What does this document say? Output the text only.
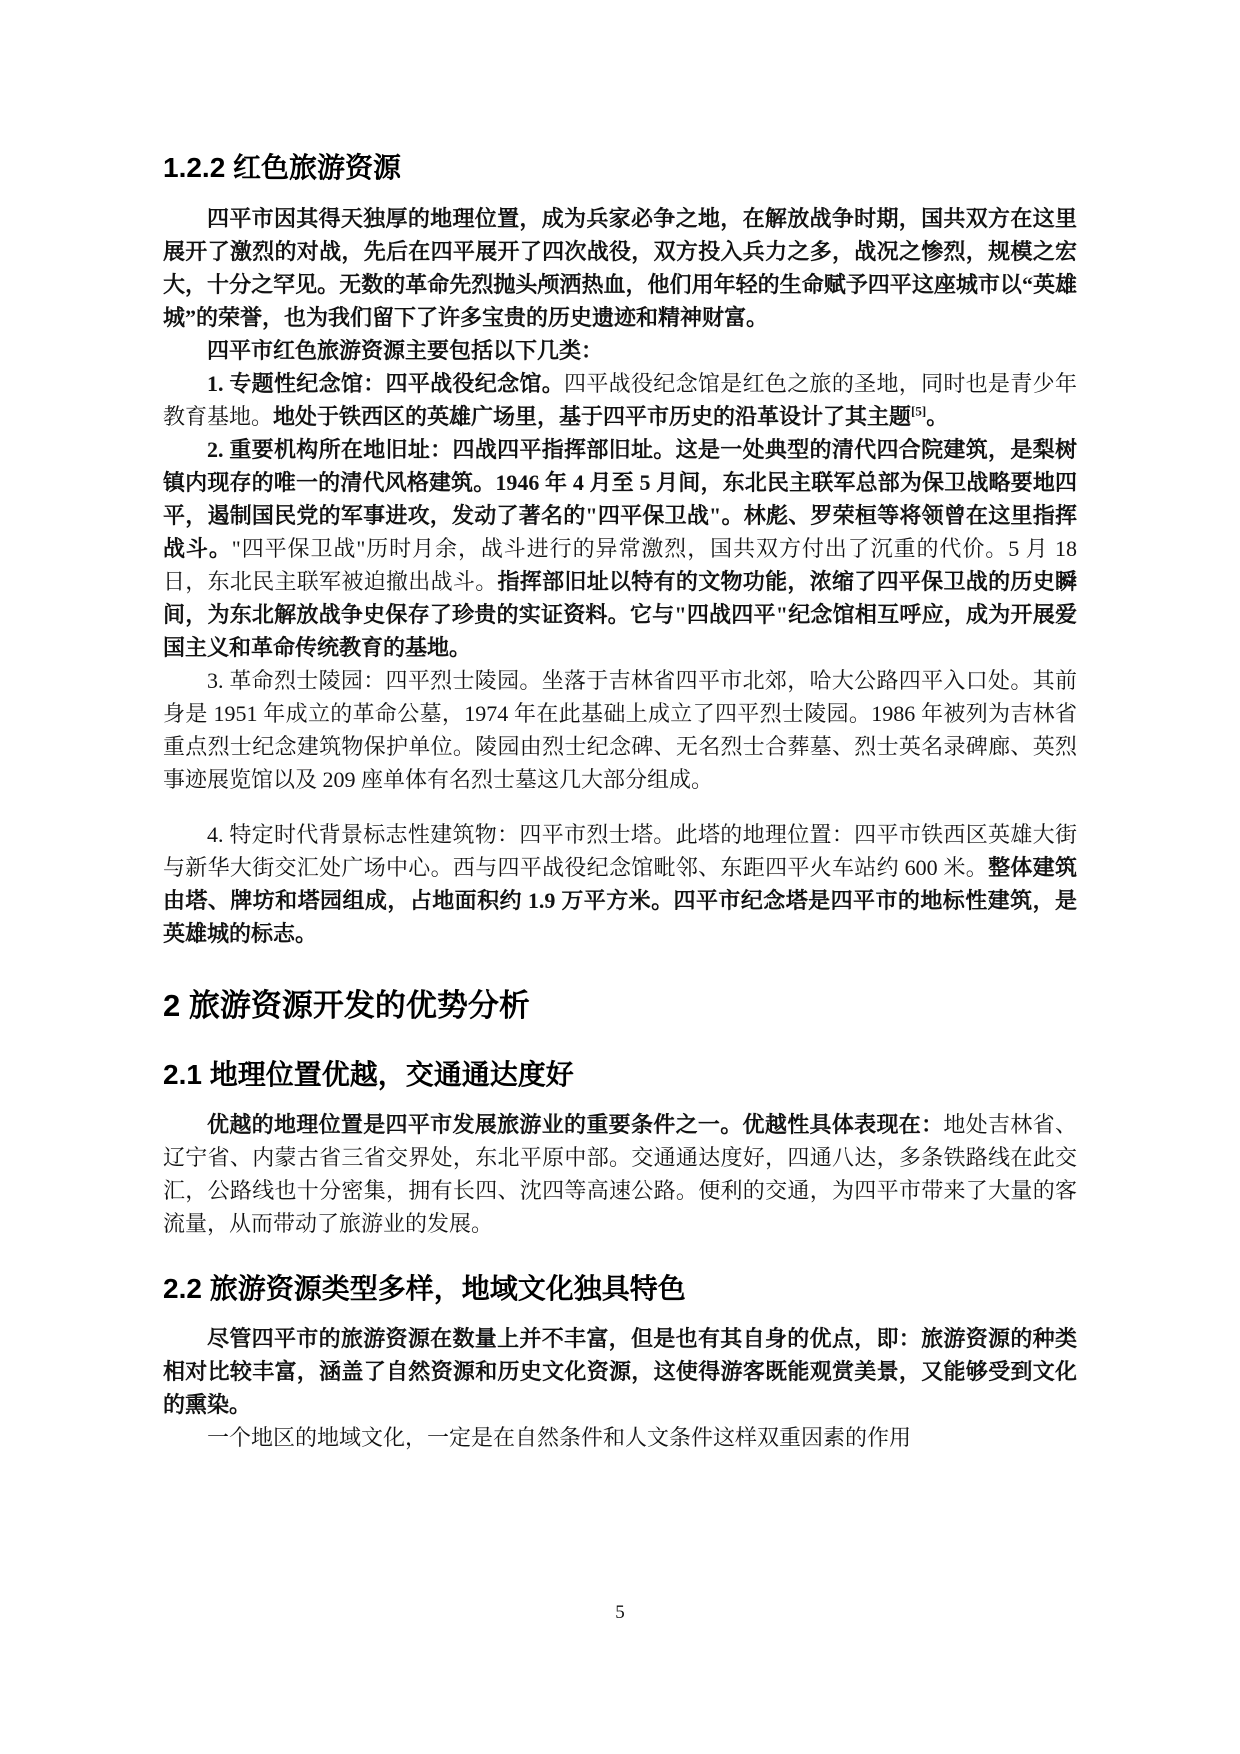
1.2.2 红色旅游资源

四平市因其得天独厚的地理位置，成为兵家必争之地，在解放战争时期，国共双方在这里展开了激烈的对战，先后在四平展开了四次战役，双方投入兵力之多，战况之惨烈，规模之宏大，十分之罕见。无数的革命先烈抛头颅洒热血，他们用年轻的生命赋予四平这座城市以“英雄城”的荣誉，也为我们留下了许多宝贵的历史遗迹和精神财富。

四平市红色旅游资源主要包括以下几类：

1. 专题性纪念馆：四平战役纪念馆。四平战役纪念馆是红色之旅的圣地，同时也是青少年教育基地。地处于铁西区的英雄广场里，基于四平市历史的沿革设计了其主题[5]。

2. 重要机构所在地旧址：四战四平指挥部旧址。这是一处典型的清代四合院建筑，是梨树镇内现存的唯一的清代风格建筑。1946 年 4 月至 5 月间，东北民主联军总部为保卫战略要地四平，遏制国民党的军事进攻，发动了著名的"四平保卫战"。林彪、罗荣桓等将领曾在这里指挥战斗。"四平保卫战"历时月余，战斗进行的异常激烈，国共双方付出了沉重的代价。5 月 18 日，东北民主联军被迫撤出战斗。指挥部旧址以特有的文物功能，浓缩了四平保卫战的历史瞬间，为东北解放战争史保存了珍贵的实证资料。它与"四战四平"纪念馆相互呼应，成为开展爱国主义和革命传统教育的基地。

3. 革命烈士陵园：四平烈士陵园。坐落于吉林省四平市北郊，哈大公路四平入口处。其前身是 1951 年成立的革命公墓，1974 年在此基础上成立了四平烈士陵园。1986 年被列为吉林省重点烈士纪念建筑物保护单位。陵园由烈士纪念碑、无名烈士合葬墓、烈士英名录碑廊、英烈事迹展览馆以及 209 座单体有名烈士墓这几大部分组成。

4. 特定时代背景标志性建筑物：四平市烈士塔。此塔的地理位置：四平市铁西区英雄大街与新华大街交汇处广场中心。西与四平战役纪念馆毗邻、东距四平火车站约 600 米。整体建筑由塔、牌坊和塔园组成，占地面积约 1.9 万平方米。四平市纪念塔是四平市的地标性建筑，是英雄城的标志。

2 旅游资源开发的优势分析
2.1 地理位置优越，交通通达度好

优越的地理位置是四平市发展旅游业的重要条件之一。优越性具体表现在：地处吉林省、辽宁省、内蒙古省三省交界处，东北平原中部。交通通达度好，四通八达，多条铁路线在此交汇，公路线也十分密集，拥有长四、沈四等高速公路。便利的交通，为四平市带来了大量的客流量，从而带动了旅游业的发展。

2.2 旅游资源类型多样，地域文化独具特色

尽管四平市的旅游资源在数量上并不丰富，但是也有其自身的优点，即：旅游资源的种类相对比较丰富，涵盖了自然资源和历史文化资源，这使得游客既能观赏美景，又能够受到文化的熏染。

一个地区的地域文化，一定是在自然条件和人文条件这样双重因素的作用

5
